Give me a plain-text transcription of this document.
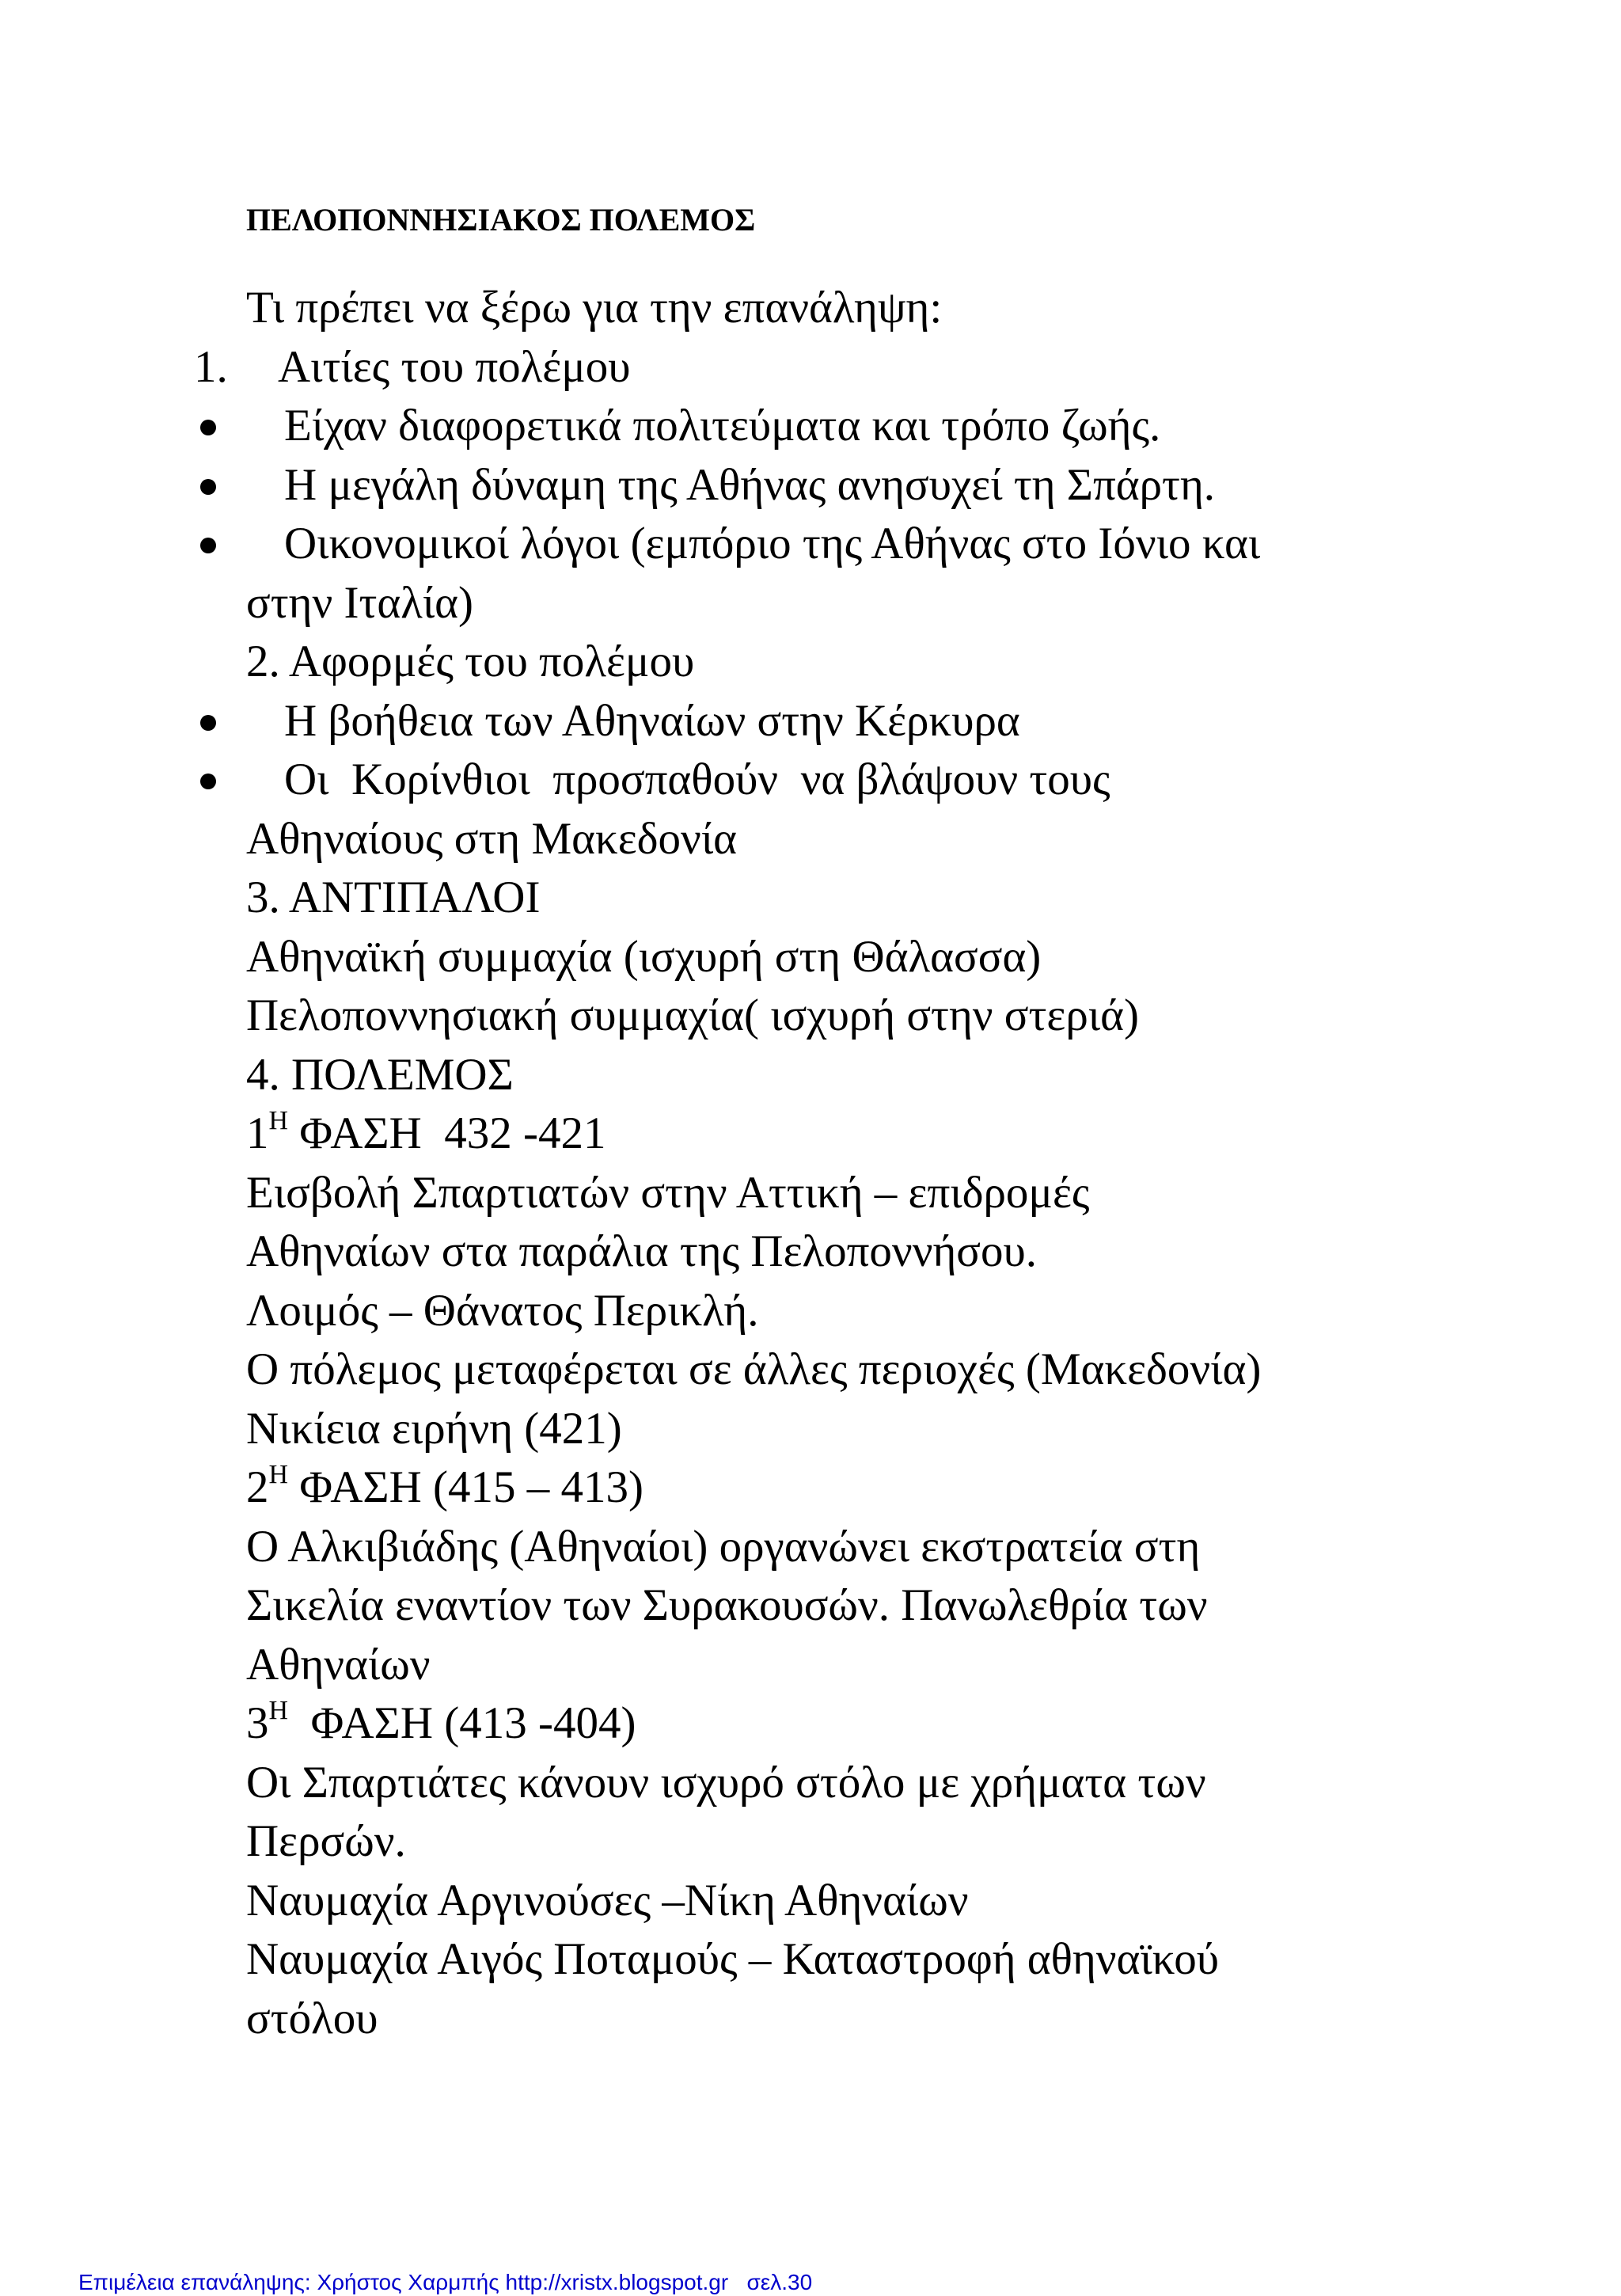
ΠΕΛΟΠΟΝΝΗΣΙΑΚΟΣ ΠΟΛΕΜΟΣ
Τι πρέπει να ξέρω για την επανάληψη:
1. Αιτίες του πολέμου
Είχαν διαφορετικά πολιτεύματα και τρόπο ζωής.
Η μεγάλη δύναμη της Αθήνας ανησυχεί τη Σπάρτη.
Οικονομικοί λόγοι (εμπόριο της Αθήνας στο Ιόνιο και
στην Ιταλία)
2. Αφορμές του πολέμου
Η βοήθεια των Αθηναίων στην Κέρκυρα
Οι  Κορίνθιοι  προσπαθούν  να βλάψουν τους
Αθηναίους στη Μακεδονία
3. ΑΝΤΙΠΑΛΟΙ
Αθηναϊκή συμμαχία (ισχυρή στη Θάλασσα)
Πελοποννησιακή συμμαχία( ισχυρή στην στεριά)
4. ΠΟΛΕΜΟΣ
$1^H$ ΦΑΣΗ  432 -421
Εισβολή Σπαρτιατών στην Αττική – επιδρομές
Αθηναίων στα παράλια της Πελοποννήσου.
Λοιμός – Θάνατος Περικλή.
Ο πόλεμος μεταφέρεται σε άλλες περιοχές (Μακεδονία)
Νικίεια ειρήνη (421)
$2^H$ ΦΑΣΗ (415 – 413)
Ο Αλκιβιάδης (Αθηναίοι) οργανώνει εκστρατεία στη
Σικελία εναντίον των Συρακουσών. Πανωλεθρία των
Αθηναίων
$3^H$  ΦΑΣΗ (413 -404)
Οι Σπαρτιάτες κάνουν ισχυρό στόλο με χρήματα των
Περσών.
Ναυμαχία Αργινούσες –Νίκη Αθηναίων
Ναυμαχία Αιγός Ποταμούς – Καταστροφή αθηναϊκού
στόλου
Επιμέλεια επανάληψης: Χρήστος Χαρμπής http://xristx.blogspot.gr   σελ.30
